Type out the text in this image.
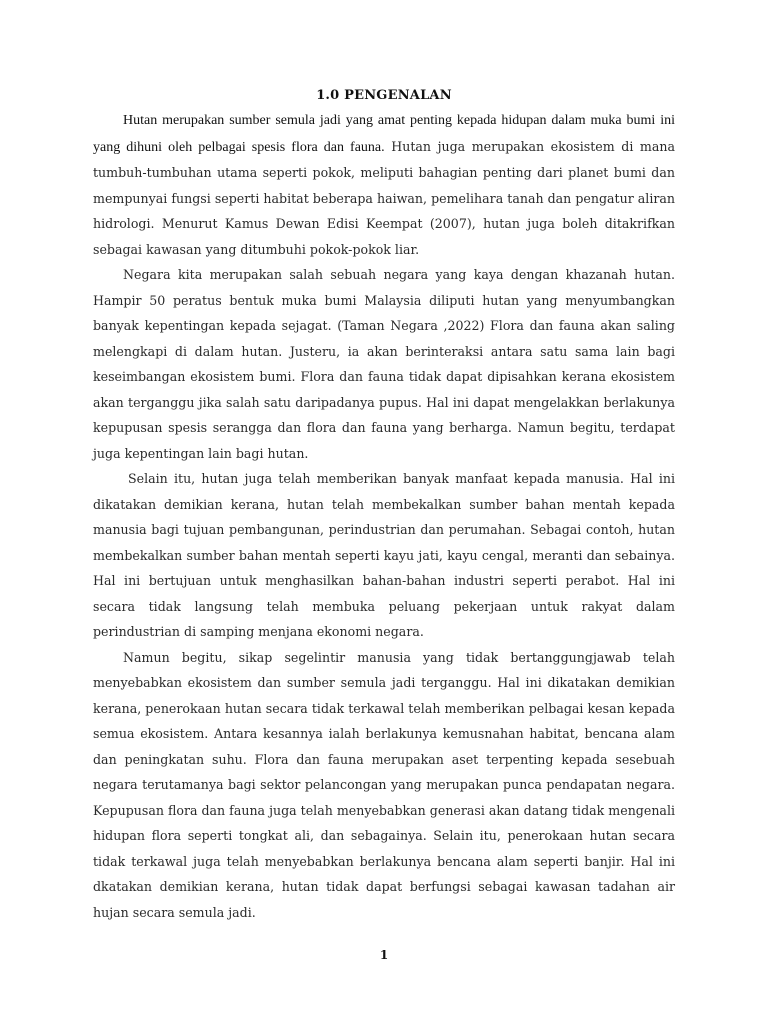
1.0 PENGENALAN

Hutan merupakan sumber semula jadi yang amat penting kepada hidupan dalam muka bumi ini yang dihuni oleh pelbagai spesis flora dan fauna. Hutan juga merupakan ekosistem di mana tumbuh-tumbuhan utama seperti pokok, meliputi bahagian penting dari planet bumi dan mempunyai fungsi seperti habitat beberapa haiwan, pemelihara tanah dan pengatur aliran hidrologi. Menurut Kamus Dewan Edisi Keempat (2007), hutan juga boleh ditakrifkan sebagai kawasan yang ditumbuhi pokok-pokok liar.

Negara kita merupakan salah sebuah negara yang kaya dengan khazanah hutan. Hampir 50 peratus bentuk muka bumi Malaysia diliputi hutan yang menyumbangkan banyak kepentingan kepada sejagat. (Taman Negara ,2022) Flora dan fauna akan saling melengkapi di dalam hutan. Justeru, ia akan berinteraksi antara satu sama lain bagi keseimbangan ekosistem bumi. Flora dan fauna tidak dapat dipisahkan kerana ekosistem akan terganggu jika salah satu daripadanya pupus. Hal ini dapat mengelakkan berlakunya kepupusan spesis serangga dan flora dan fauna yang berharga. Namun begitu, terdapat juga kepentingan lain bagi hutan.

Selain itu, hutan juga telah memberikan banyak manfaat kepada manusia. Hal ini dikatakan demikian kerana, hutan telah membekalkan sumber bahan mentah kepada manusia bagi tujuan pembangunan, perindustrian dan perumahan. Sebagai contoh, hutan membekalkan sumber bahan mentah seperti kayu jati, kayu cengal, meranti dan sebainya. Hal ini bertujuan untuk menghasilkan bahan-bahan industri seperti perabot. Hal ini secara tidak langsung telah membuka peluang pekerjaan untuk rakyat dalam perindustrian di samping menjana ekonomi negara.

Namun begitu, sikap segelintir manusia yang tidak bertanggungjawab telah menyebabkan ekosistem dan sumber semula jadi terganggu. Hal ini dikatakan demikian kerana, penerokaan hutan secara tidak terkawal telah memberikan pelbagai kesan kepada semua ekosistem. Antara kesannya ialah berlakunya kemusnahan habitat, bencana alam dan peningkatan suhu. Flora dan fauna merupakan aset terpenting kepada sesebuah negara terutamanya bagi sektor pelancongan yang merupakan punca pendapatan negara. Kepupusan flora dan fauna juga telah menyebabkan generasi akan datang tidak mengenali hidupan flora seperti tongkat ali, dan sebagainya. Selain itu, penerokaan hutan secara tidak terkawal juga telah menyebabkan berlakunya bencana alam seperti banjir. Hal ini dkatakan demikian kerana, hutan tidak dapat berfungsi sebagai kawasan tadahan air hujan secara semula jadi.

1
